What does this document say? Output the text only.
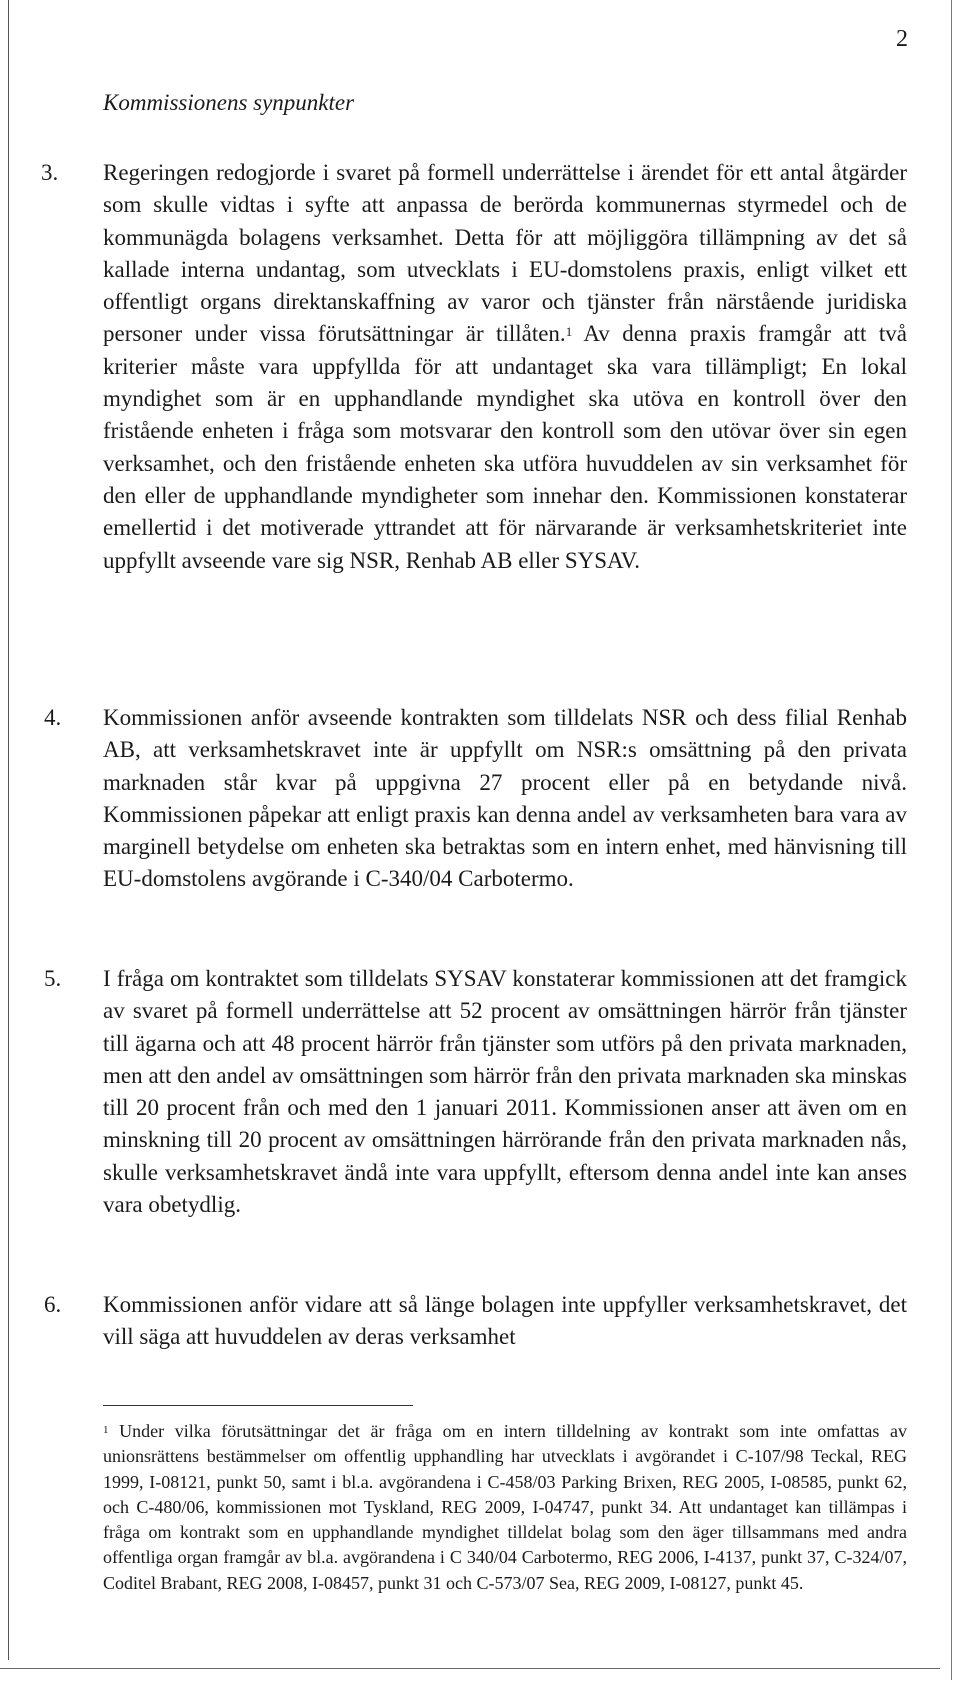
2
Kommissionens synpunkter
3. Regeringen redogjorde i svaret på formell underrättelse i ärendet för ett antal åtgärder som skulle vidtas i syfte att anpassa de berörda kommunernas styrmedel och de kommunägda bolagens verksamhet. Detta för att möjliggöra tillämpning av det så kallade interna undantag, som utvecklats i EU-domstolens praxis, enligt vilket ett offentligt organs direktanskaffning av varor och tjänster från närstående juridiska personer under vissa förutsättningar är tillåten.$^1$ Av denna praxis framgår att två kriterier måste vara uppfyllda för att undantaget ska vara tillämpligt; En lokal myndighet som är en upphandlande myndighet ska utöva en kontroll över den fristående enheten i fråga som motsvarar den kontroll som den utövar över sin egen verksamhet, och den fristående enheten ska utföra huvuddelen av sin verksamhet för den eller de upphandlande myndigheter som innehar den. Kommissionen konstaterar emellertid i det motiverade yttrandet att för närvarande är verksamhetskriteriet inte uppfyllt avseende vare sig NSR, Renhab AB eller SYSAV.
4. Kommissionen anför avseende kontrakten som tilldelats NSR och dess filial Renhab AB, att verksamhetskravet inte är uppfyllt om NSR:s omsättning på den privata marknaden står kvar på uppgivna 27 procent eller på en betydande nivå. Kommissionen påpekar att enligt praxis kan denna andel av verksamheten bara vara av marginell betydelse om enheten ska betraktas som en intern enhet, med hänvisning till EU-domstolens avgörande i C-340/04 Carbotermo.
5. I fråga om kontraktet som tilldelats SYSAV konstaterar kommissionen att det framgick av svaret på formell underrättelse att 52 procent av omsättningen härrör från tjänster till ägarna och att 48 procent härrör från tjänster som utförs på den privata marknaden, men att den andel av omsättningen som härrör från den privata marknaden ska minskas till 20 procent från och med den 1 januari 2011. Kommissionen anser att även om en minskning till 20 procent av omsättningen härrörande från den privata marknaden nås, skulle verksamhetskravet ändå inte vara uppfyllt, eftersom denna andel inte kan anses vara obetydlig.
6. Kommissionen anför vidare att så länge bolagen inte uppfyller verksamhetskravet, det vill säga att huvuddelen av deras verksamhet
$^1$ Under vilka förutsättningar det är fråga om en intern tilldelning av kontrakt som inte omfattas av unionsrättens bestämmelser om offentlig upphandling har utvecklats i avgörandet i C-107/98 Teckal, REG 1999, I-08121, punkt 50, samt i bl.a. avgörandena i C-458/03 Parking Brixen, REG 2005, I-08585, punkt 62, och C-480/06, kommissionen mot Tyskland, REG 2009, I-04747, punkt 34. Att undantaget kan tillämpas i fråga om kontrakt som en upphandlande myndighet tilldelat bolag som den äger tillsammans med andra offentliga organ framgår av bl.a. avgörandena i C 340/04 Carbotermo, REG 2006, I-4137, punkt 37, C-324/07, Coditel Brabant, REG 2008, I-08457, punkt 31 och C-573/07 Sea, REG 2009, I-08127, punkt 45.
